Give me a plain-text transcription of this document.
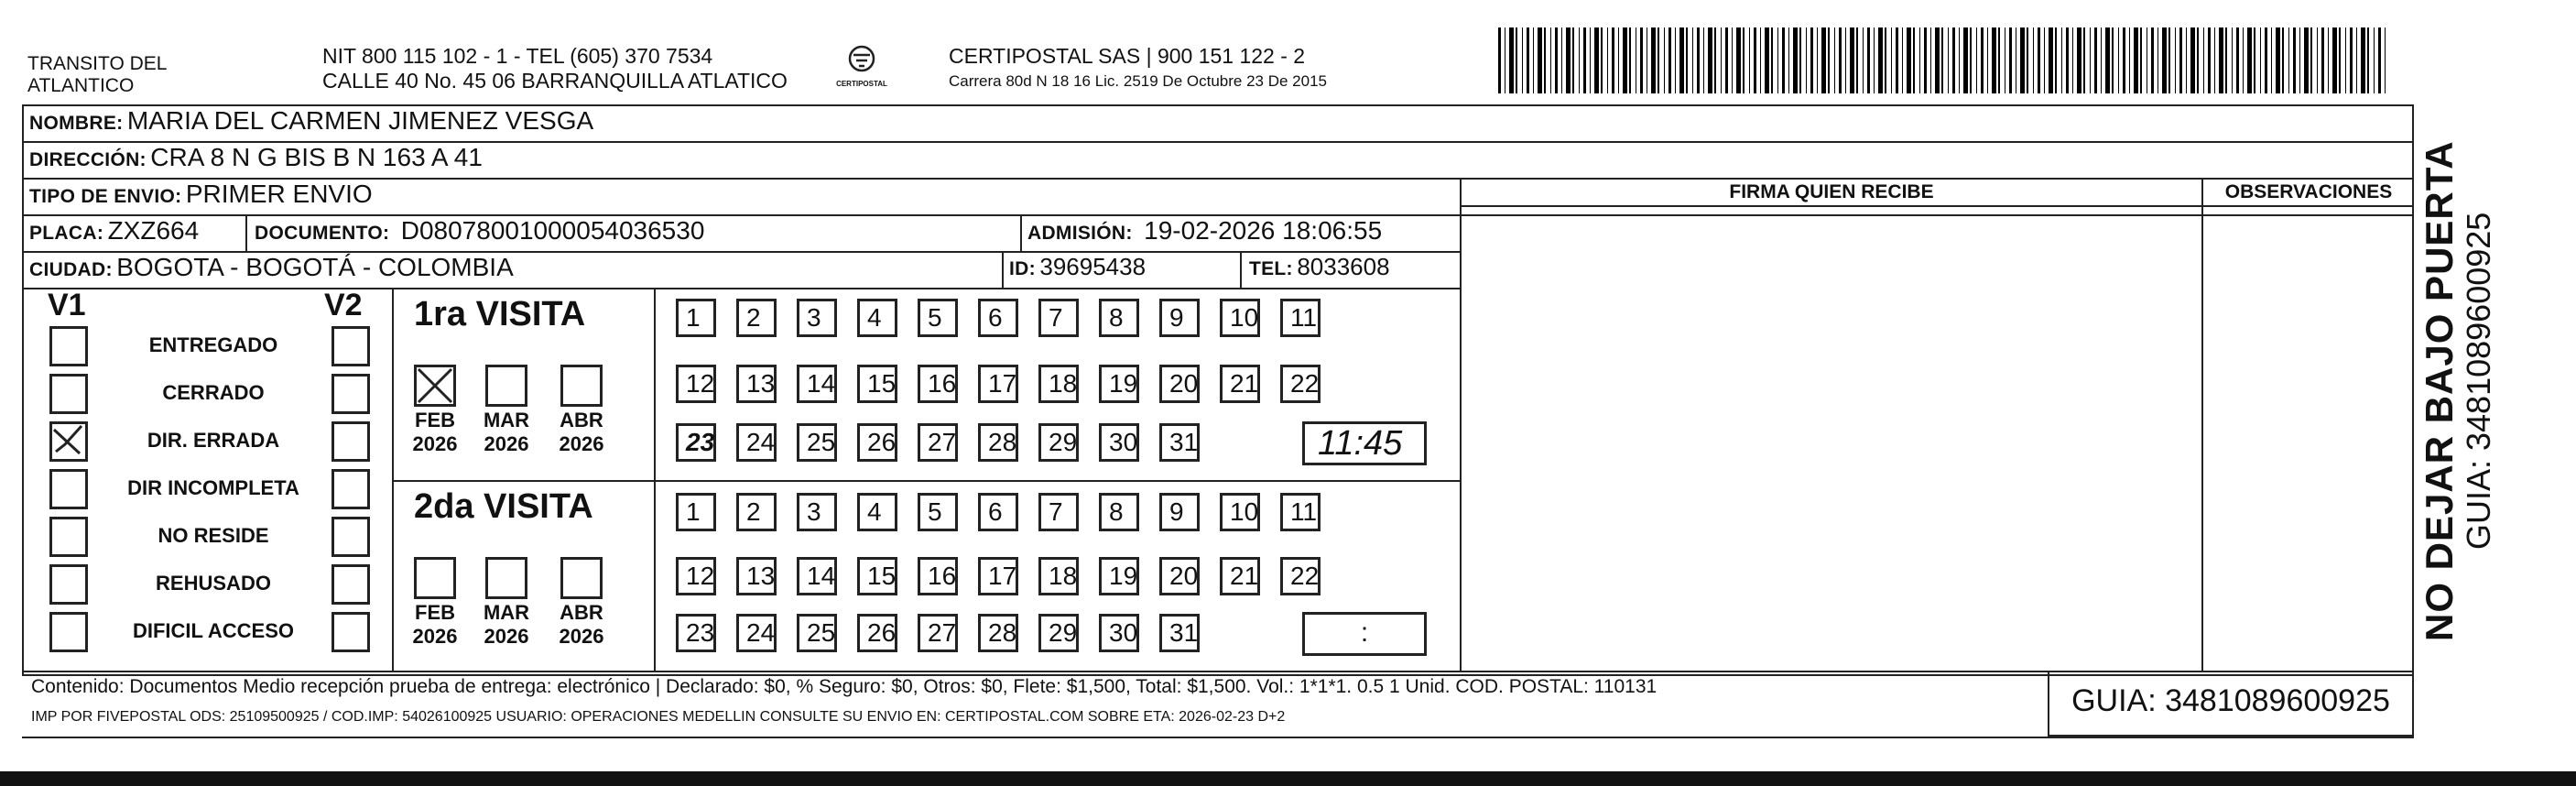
TRANSITO DEL
ATLANTICO
NIT 800 115 102 - 1 - TEL (605) 370 7534
CALLE 40 No. 45 06 BARRANQUILLA ATLATICO	CERTIPOSTAL
CERTIPOSTAL SAS | 900 151 122 - 2
Carrera 80d N 18 16 Lic. 2519 De Octubre 23 De 2015
NOMBRE: MARIA DEL CARMEN JIMENEZ VESGA
DIRECCIÓN: CRA 8 N G BIS B N 163 A 41
TIPO DE ENVIO: PRIMER ENVIO	FIRMA QUIEN RECIBE	OBSERVACIONES
PLACA: ZXZ664	DOCUMENTO: D08078001000054036530	ADMISIÓN: 19-02-2026 18:06:55
CIUDAD: BOGOTA - BOGOTÁ - COLOMBIA	ID: 39695438	TEL: 8033608
V1	V2
ENTREGADO
CERRADO
DIR. ERRADA
DIR INCOMPLETA
NO RESIDE
REHUSADO
DIFICIL ACCESO
1ra VISITA
2da VISITA
FEB
2026
MAR
2026
ABR
2026
FEB
2026
MAR
2026
ABR
2026
1	2	3	4	5	6	7	8	9	10	11
12	13	14	15	16	17	18	19	20	21	22
23	24	25	26	27	28	29	30	31
1	2	3	4	5	6	7	8	9	10	11
12	13	14	15	16	17	18	19	20	21	22
23	24	25	26	27	28	29	30	31
11:45
:
Contenido: Documentos Medio recepción prueba de entrega: electrónico | Declarado: $0, % Seguro: $0, Otros: $0, Flete: $1,500, Total: $1,500. Vol.: 1*1*1. 0.5 1 Unid. COD. POSTAL: 110131
IMP POR FIVEPOSTAL ODS: 25109500925 / COD.IMP: 54026100925 USUARIO: OPERACIONES MEDELLIN CONSULTE SU ENVIO EN: CERTIPOSTAL.COM SOBRE ETA: 2026-02-23 D+2	GUIA: 3481089600925
NO DEJAR BAJO PUERTA GUIA: 3481089600925
